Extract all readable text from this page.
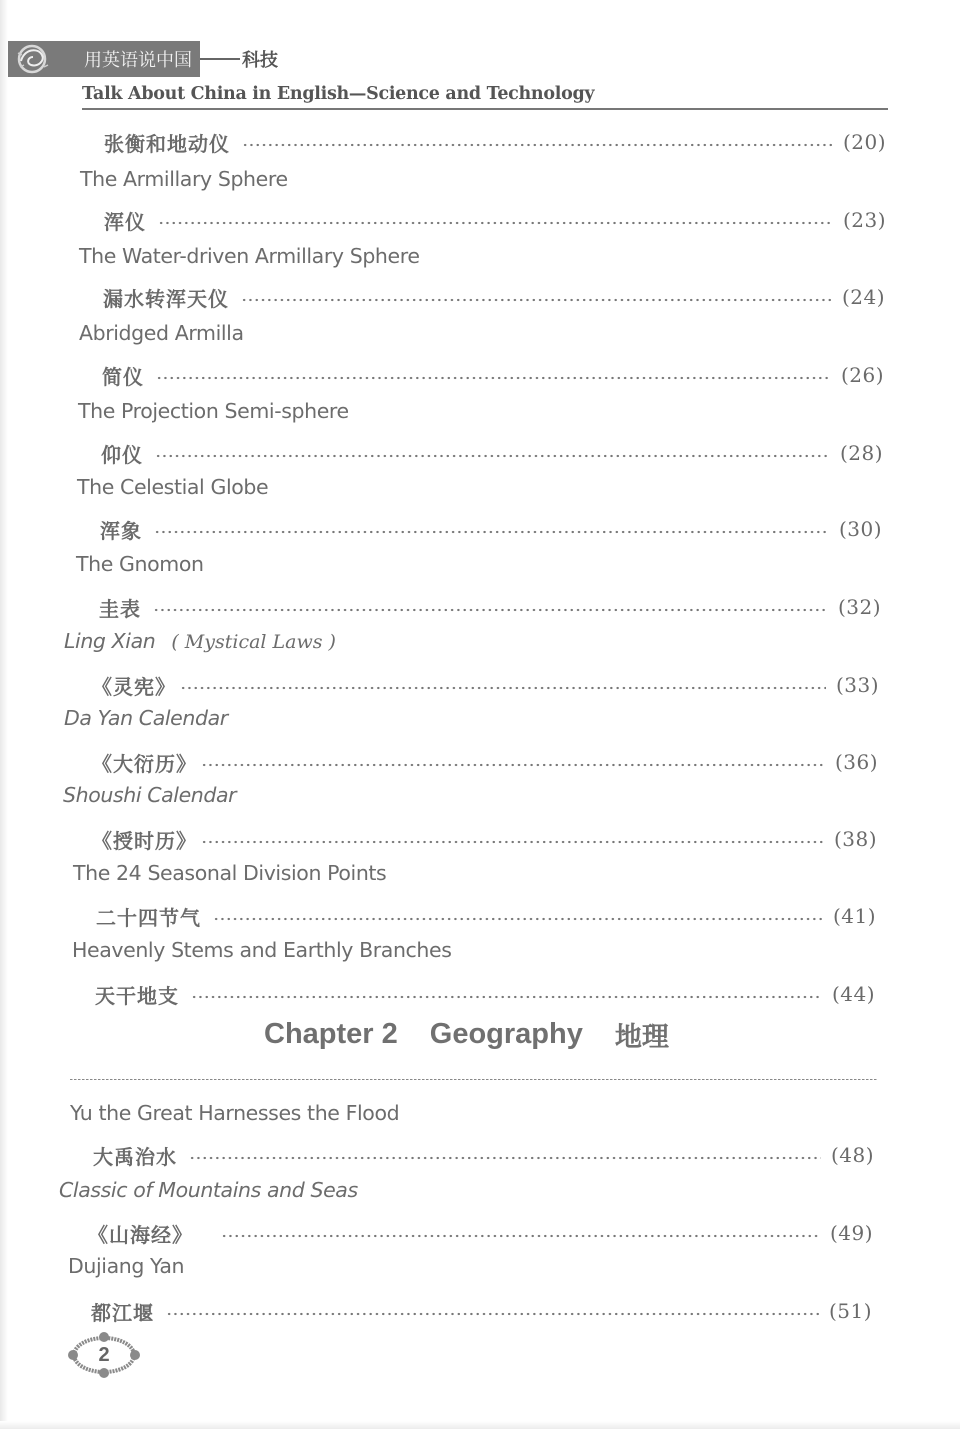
用英语说中国	科技
Talk About China in English—Science and Technology
张衡和地动仪	(20)
The Armillary Sphere
浑仪	(23)
The Water-driven Armillary Sphere
漏水转浑天仪	(24)
Abridged Armilla
简仪	(26)
The Projection Semi-sphere
仰仪	(28)
The Celestial Globe
浑象	(30)
The Gnomon
圭表	(32)
Ling Xian ( Mystical Laws )
《灵宪》	(33)
Da Yan Calendar
《大衍历》	(36)
Shoushi Calendar
《授时历》	(38)
The 24 Seasonal Division Points
二十四节气	(41)
Heavenly Stems and Earthly Branches
天干地支	(44)
Chapter 2 Geography 地理
Yu the Great Harnesses the Flood
大禹治水	(48)
Classic of Mountains and Seas
《山海经》	(49)
Dujiang Yan
都江堰	(51)
2
